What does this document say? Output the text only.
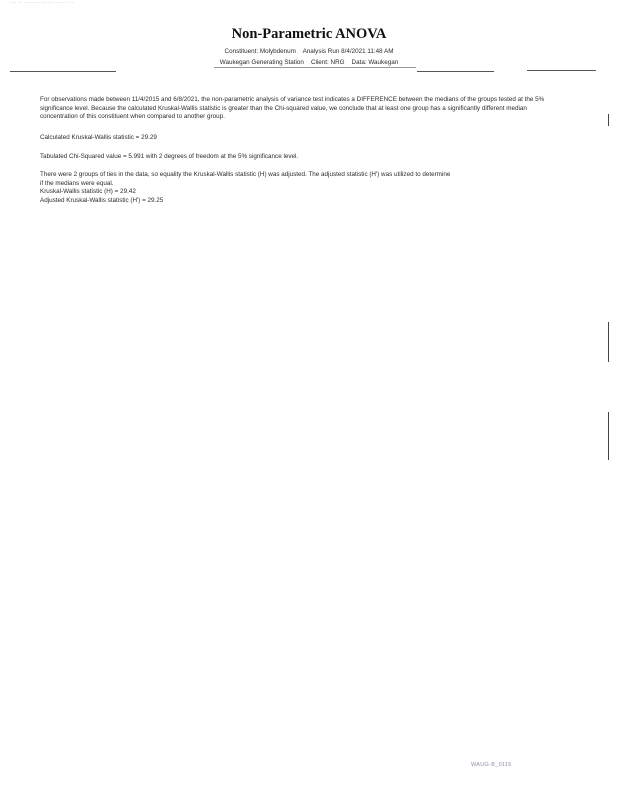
··· ·· ······· ······ ····· ··
Non-Parametric ANOVA
Constituent: Molybdenum Analysis Run 8/4/2021 11:48 AM
Waukegan Generating Station Client: NRG Data: Waukegan

For observations made between 11/4/2015 and 6/8/2021, the non-parametric analysis of variance test indicates a DIFFERENCE between the medians of the groups tested at the 5% significance level. Because the calculated Kruskal-Wallis statistic is greater than the Chi-squared value, we conclude that at least one group has a significantly different median concentration of this constituent when compared to another group.

Calculated Kruskal-Wallis statistic = 29.29

Tabulated Chi-Squared value = 5.991 with 2 degrees of freedom at the 5% significance level.

There were 2 groups of ties in the data, so equality the Kruskal-Wallis statistic (H) was adjusted. The adjusted statistic (H') was utilized to determine

if the medians were equal.

Kruskal-Wallis statistic (H) = 29.42

Adjusted Kruskal-Wallis statistic (H') = 29.25

WAUG-B_0115
